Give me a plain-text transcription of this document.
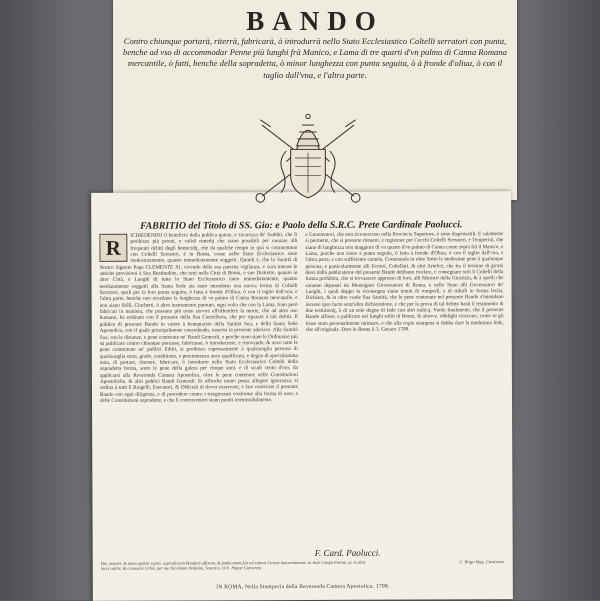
BANDO
Contro chiunque portarà, riterrà, fabricarà, ò introdurrà nello Stato Ecclesiastico Coltelli serratori con punta, benche ad vso di accommodar Penne più lunghi frà Manico, e Lama di tre quarti d'vn palmo di Canna Romana mercantile, ò fatti, benche della sopradetta, ò minor lunghezza con punta seguita, ò à fronde d'oliua, ò con il taglio dall'vna, e l'altra parte.
FABRITIO del Titolo di SS. Gio: e Paolo della S.R.C. Prete Cardinale Paolucci.
R
ICHIEDENDO il beneficio della publica quiete, e sicurezza de' Sudditi, che fi proibisce più pronti, e validi rimedij che siano possibili per ouuiare alli frequenti delitti degli homicidij, che da qualche tempo in quà si commettono con Coltelli Serratori, è in Roma, come nello Stato Ecclesiastico sono medesimamente, quanto immediatamente soggetti. Quindi è, che la Santità di Nostro Signore Papa CLEMENTE XI. vivendo della sua paterna vigilanza, e cura intesse le antiche provisioni à Sua Beatitudine, che tutti nella Città di Roma, e suo Distretto, quanto in altre Città, e Luoghi di tutto lo Stato Ecclesiastico tanto immediatamente, quanto mediatamente soggetti alla Santa Sede sia stato introdotto una nuova forma di Coltelli Serratori, quali per la loro punta seguita, ò fatta à fronde d'Oliua, ò con il taglio dall'vna, e l'altra parte, benche non eccedano la lunghezza di vn palmo di Canna Romana mercantile, e non siano Stilli, Cinchetti, ò altro instrumento puntuto, ogni volta che con la Lama, fono però fabricati in maniera, che possono più tosto servire all'offendere la morte, che ad altro uso humano, ha ordinato con il presente della Sua Cancellaria, che per riparare à tali delitti. Il publico di presente Bando in valere à benepiacito della Santità Sua, e della Santa Sede Apostolica, con il quale principalmente concedendo, inserito la presente aderisce. Alla Santità Sua, con le distanze, e pene contenute ne' Bandi Generali, e perche sono state le Ordinanze più sù publicate contro chiunque portasse, fabricasse, ò introducesse, e rinovando, & anco tutte le pene comminate ne' publici Editti, si proibisce espressamente à qualsiuoglia persona di qualsiuoglia stato, grado, conditione, e preeminenza anco qualificata, e degna di specialissima nota, di portare, ritenere, fabricare, ò introdurre nello Stato Ecclesiastico Coltelli della sopradetta forma, sotto le pene della galera per cinque anni, e di scudi cento d'oro, da applicarsi alla Reverenda Camera Apostolica, oltre le pene contenute nelle Constitutioni Apostoliche, & altri publici Bandi Generali. Et affinche niuno possa allegare ignoranza, si ordina à tutti li Bargelli, Esecutori, & Officiali di dover osservare, e fare osservare il presente Bando con ogni diligenza, e di procedere contro i trasgressori conforme alla forma di esso, e delle Constitutioni sopradette, e che li contraventori siano puniti irremissibilmente.
e Gouernatori, che non riconoscono nella Provincia Superiore, ò sono dispensatili. E salamente si permette, che si possano ritenere, e registrare per Cocchi Coltelli Serratori, e Temperini, che siano di lunghezza non maggiore di vn quarto d'vn palmo di Canna come sopra frà il Manico, e Lama, purche non siano à punta seguita, ò fatta à fronde d'Oliua, ò con il taglio dall'vna, e l'altra parte, e con sufficiente cautela. Commanda in oltre Sotto le medesime pene à qualunque persona, e particolarmente alli Ferrari, Coltellari, & altri Artefici, che fra il termine di giorni dieci dalla publicatione del presente Bando debbano rivelare, e consegnare tutti li Coltelli della forma prohibita, che si trovassero appresso di loro, alli Ministri della Giustizia, & à quelli che saranno deputati da Monsignor Governatore di Roma, e nello Stato alli Governatori de' Luoghi, i quali doppo la riconsegna siano tenuti di romperli, e di ridurli in forma lecita. Dichiara, & in oltre vuole Sua Santità, che le pene contenute nel presente Bando s'intendano incorse ipso facto senz'altra dichiaratione, e che per la prova di tal delitto basti il testimonio di due testimonij, ò di un solo degno di fede con altri indicij. Vuole finalmente, che il presente Bando affisso, e publicato nei luoghi soliti di Roma, & altrove, obblighi ciascuno, come se gli fosse stato personalmente intimato, e che alla copia stampata si debba dare la medesima fede, che all'originale. Dato in Roma li 3. Genaro 1708.
F. Card. Paolucci.
Die, mensis, & anno quibus supra, supradictum Bandum affixum, & publicatum fuit ad valuas Curiae Innocentianae, in Acie Campi Florae, ac in aliis locis solitis, & consuetis Urbis, per me Nicolaum Pedalini, Sanctiss. D.N. Papae Cursorem.
C. Brigo Mag. Cursorum.
IN ROMA, Nella Stamperia della Reverenda Camera Apostolica. 1708.
